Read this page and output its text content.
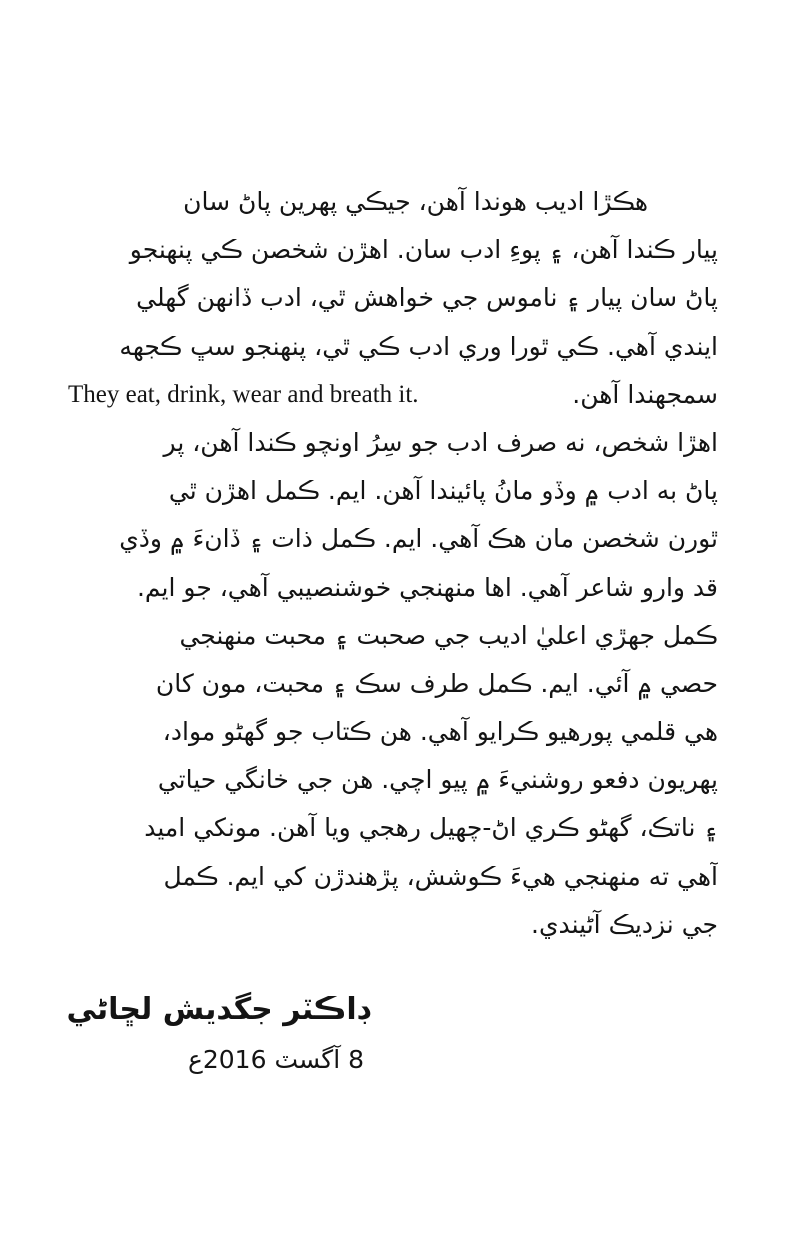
هڪڙا اديب هوندا آهن، جيڪي پهرين پاڻ سان
پيار ڪندا آهن، ۽ پوءِ ادب سان. اهڙن شخصن ڪي پنهنجو
پاڻ سان پيار ۽ ناموس جي خواهش ٿي، ادب ڏانهن گهلي
ايندي آهي. ڪي ٿورا وري ادب ڪي ٿي، پنهنجو سڀ ڪجهه
سمجهندا آهن.
They eat, drink, wear and breath it.
اهڙا شخص، نه صرف ادب جو سِرُ اونچو ڪندا آهن، پر
پاڻ به ادب ۾ وڏو مانُ پائيندا آهن. ايم. ڪمل اهڙن ٿي
ٿورن شخصن مان هڪ آهي. ايم. ڪمل ذات ۽ ڏانءَ ۾ وڏي
قد وارو شاعر آهي. اها منهنجي خوشنصيبي آهي، جو ايم.
ڪمل جهڙي اعليٰ اديب جي صحبت ۽ محبت منهنجي
حصي ۾ آئي. ايم. ڪمل طرف سڪ ۽ محبت، مون کان
هي قلمي پورهيو ڪرايو آهي. هن ڪتاب جو گهڻو مواد،
پهريون دفعو روشنيءَ ۾ پيو اچي. هن جي خانگي حياتي
۽ ناتڪ، گهڻو ڪري اڻ-چهيل رهجي ويا آهن. مونکي اميد
آهي ته منهنجي هيءَ ڪوشش، پڙهندڙن کي ايم. ڪمل
جي نزديڪ آڻيندي.
ڊاڪٽر جگديش لڇاڻي
8 آگسٽ 2016ع
